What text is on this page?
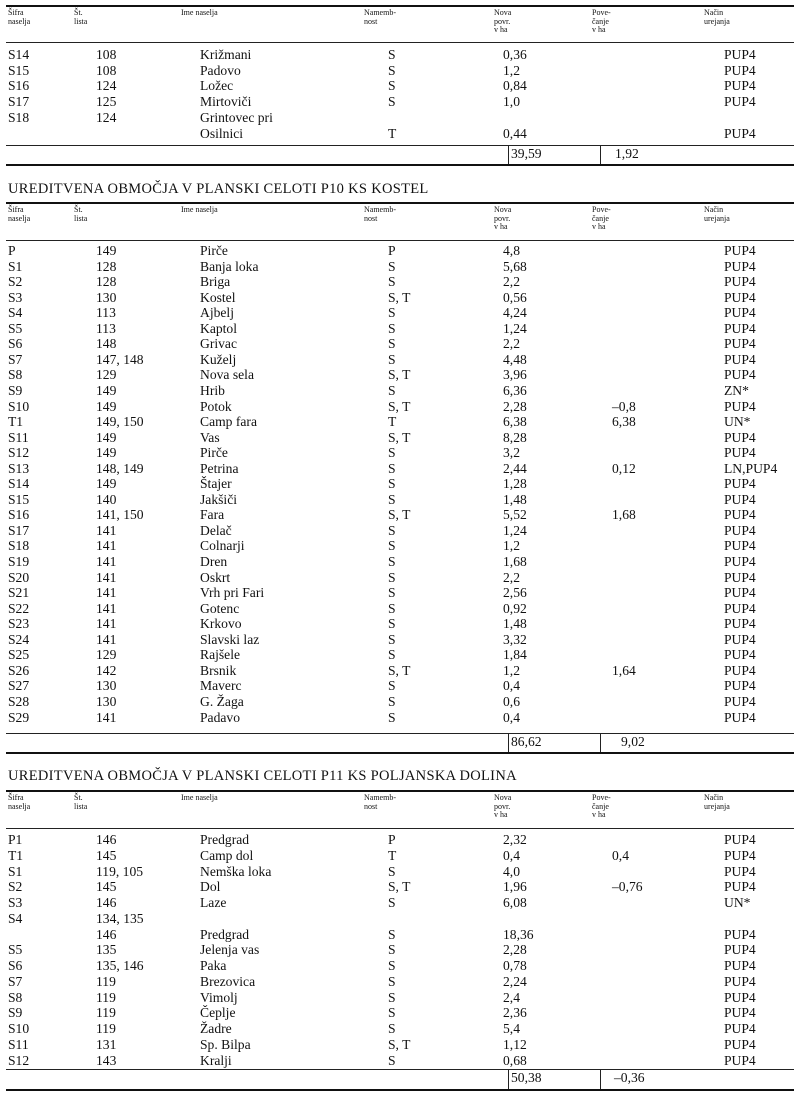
Šifra
naselja
Št.
lista
Ime naselja	Namemb-
nost
Nova
povr.
v ha
Pove-
čanje
v ha
Način
urejanja
S14	108	Križmani	S	0,36	PUP4
S15	108	Padovo	S	1,2	PUP4
S16	124	Ložec	S	0,84	PUP4
S17	125	Mirtoviči	S	1,0	PUP4
S18	124	Grintovec pri
Osilnici	T	0,44	PUP4
39,59	1,92
UREDITVENA OBMOČJA V PLANSKI CELOTI P10 KS KOSTEL
Šifra
naselja
Št.
lista
Ime naselja	Namemb-
nost
Nova
povr.
v ha
Pove-
čanje
v ha
Način
urejanja
P	149	Pirče	P	4,8	PUP4
S1	128	Banja loka	S	5,68	PUP4
S2	128	Briga	S	2,2	PUP4
S3	130	Kostel	S, T	0,56	PUP4
S4	113	Ajbelj	S	4,24	PUP4
S5	113	Kaptol	S	1,24	PUP4
S6	148	Grivac	S	2,2	PUP4
S7	147, 148	Kuželj	S	4,48	PUP4
S8	129	Nova sela	S, T	3,96	PUP4
S9	149	Hrib	S	6,36	ZN*
S10	149	Potok	S, T	2,28	–0,8	PUP4
T1	149, 150	Camp fara	T	6,38	6,38	UN*
S11	149	Vas	S, T	8,28	PUP4
S12	149	Pirče	S	3,2	PUP4
S13	148, 149	Petrina	S	2,44	0,12	LN,PUP4
S14	149	Štajer	S	1,28	PUP4
S15	140	Jakšiči	S	1,48	PUP4
S16	141, 150	Fara	S, T	5,52	1,68	PUP4
S17	141	Delač	S	1,24	PUP4
S18	141	Colnarji	S	1,2	PUP4
S19	141	Dren	S	1,68	PUP4
S20	141	Oskrt	S	2,2	PUP4
S21	141	Vrh pri Fari	S	2,56	PUP4
S22	141	Gotenc	S	0,92	PUP4
S23	141	Krkovo	S	1,48	PUP4
S24	141	Slavski laz	S	3,32	PUP4
S25	129	Rajšele	S	1,84	PUP4
S26	142	Brsnik	S, T	1,2	1,64	PUP4
S27	130	Maverc	S	0,4	PUP4
S28	130	G. Žaga	S	0,6	PUP4
S29	141	Padavo	S	0,4	PUP4
86,62	9,02
UREDITVENA OBMOČJA V PLANSKI CELOTI P11 KS POLJANSKA DOLINA
Šifra
naselja
Št.
lista
Ime naselja	Namemb-
nost
Nova
povr.
v ha
Pove-
čanje
v ha
Način
urejanja
P1	146	Predgrad	P	2,32	PUP4
T1	145	Camp dol	T	0,4	0,4	PUP4
S1	119, 105	Nemška loka	S	4,0	PUP4
S2	145	Dol	S, T	1,96	–0,76	PUP4
S3	146	Laze	S	6,08	UN*
S4	134, 135
146	Predgrad	S	18,36	PUP4
S5	135	Jelenja vas	S	2,28	PUP4
S6	135, 146	Paka	S	0,78	PUP4
S7	119	Brezovica	S	2,24	PUP4
S8	119	Vimolj	S	2,4	PUP4
S9	119	Čeplje	S	2,36	PUP4
S10	119	Žadre	S	5,4	PUP4
S11	131	Sp. Bilpa	S, T	1,12	PUP4
S12	143	Kralji	S	0,68	PUP4
50,38	–0,36
